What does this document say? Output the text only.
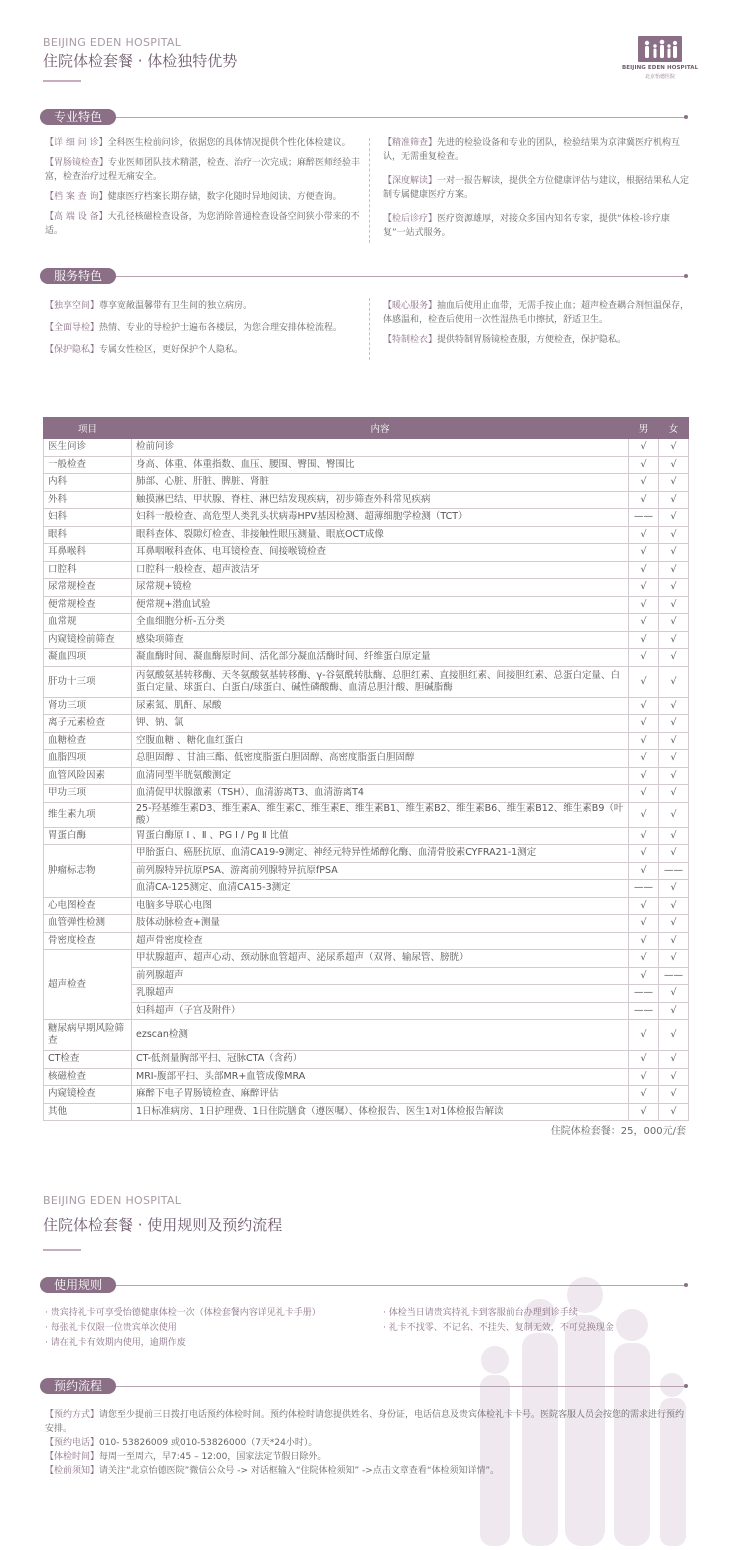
BEIJING EDEN HOSPITAL
住院体检套餐 · 体检独特优势	BEIJING EDEN HOSPITAL
北京怡德医院
专业特色
【详 细 问 诊】全科医生检前问诊，依据您的具体情况提供个性化体检建议。
【胃肠镜检查】专业医师团队技术精湛，检查、治疗一次完成；麻醉医师经验丰富，检查治疗过程无痛安全。
【档 案 查 询】健康医疗档案长期存储，数字化随时异地阅读、方便查询。
【高 端 设 备】大孔径核磁检查设备，为您消除普通检查设备空间狭小带来的不适。
【精准筛查】先进的检验设备和专业的团队，检验结果为京津冀医疗机构互认，无需重复检查。
【深度解读】一对一报告解读，提供全方位健康评估与建议，根据结果私人定制专属健康医疗方案。
【检后诊疗】医疗资源雄厚，对接众多国内知名专家，提供“体检-诊疗康复”一站式服务。
服务特色
【独享空间】尊享宽敞温馨带有卫生间的独立病房。
【全面导检】热情、专业的导检护士遍布各楼层，为您合理安排体检流程。
【保护隐私】专属女性检区，更好保护个人隐私。
【暖心服务】抽血后使用止血带，无需手按止血；超声检查耦合剂恒温保存，体感温和，检查后使用一次性湿热毛巾擦拭，舒适卫生。
【特制检衣】提供特制胃肠镜检查服，方便检查，保护隐私。
项目	内容	男	女
医生问诊	检前问诊	√	√
一般检查	身高、体重、体重指数、血压、腰围、臀围、臀围比	√	√
内科	肺部、心脏、肝脏、脾脏、肾脏	√	√
外科	触摸淋巴结、甲状腺、脊柱、淋巴结发现疾病，初步筛查外科常见疾病	√	√
妇科	妇科一般检查、高危型人类乳头状病毒HPV基因检测、超薄细胞学检测（TCT）	——	√
眼科	眼科查体、裂隙灯检查、非接触性眼压测量、眼底OCT成像	√	√
耳鼻喉科	耳鼻咽喉科查体、电耳镜检查、间接喉镜检查	√	√
口腔科	口腔科一般检查、超声波洁牙	√	√
尿常规检查	尿常规+镜检	√	√
便常规检查	便常规+潜血试验	√	√
血常规	全血细胞分析-五分类	√	√
内窥镜检前筛查	感染项筛查	√	√
凝血四项	凝血酶时间、凝血酶原时间、活化部分凝血活酶时间、纤维蛋白原定量	√	√
肝功十三项	丙氨酸氨基转移酶、天冬氨酸氨基转移酶、γ-谷氨酰转肽酶、总胆红素、直接胆红素、间接胆红素、总蛋白定量、白蛋白定量、球蛋白、白蛋白/球蛋白、碱性磷酸酶、血清总胆汁酸、胆碱脂酶	√	√
肾功三项	尿素氮、肌酐、尿酸	√	√
离子元素检查	钾、钠、氯	√	√
血糖检查	空腹血糖 、糖化血红蛋白	√	√
血脂四项	总胆固醇 、甘油三酯、低密度脂蛋白胆固醇、高密度脂蛋白胆固醇	√	√
血管风险因素	血清同型半胱氨酸测定	√	√
甲功三项	血清促甲状腺激素（TSH）、血清游离T3、血清游离T4	√	√
维生素九项	25-羟基维生素D3、维生素A、维生素C、维生素E、维生素B1、维生素B2、维生素B6、维生素B12、维生素B9（叶酸）	√	√
胃蛋白酶	胃蛋白酶原 Ⅰ 、Ⅱ 、PG Ⅰ / Pg Ⅱ 比值	√	√
肿瘤标志物	甲胎蛋白、癌胚抗原、血清CA19-9测定、神经元特异性烯醇化酶、血清骨胶素CYFRA21-1测定	√	√
	前列腺特异抗原PSA、游离前列腺特异抗原fPSA	√	——
	血清CA-125测定、血清CA15-3测定	——	√
心电图检查	电脑多导联心电图	√	√
血管弹性检测	肢体动脉检查+测量	√	√
骨密度检查	超声骨密度检查	√	√
超声检查	甲状腺超声、超声心动、颈动脉血管超声、泌尿系超声（双肾、输尿管、膀胱）	√	√
	前列腺超声	√	——
	乳腺超声	——	√
	妇科超声（子宫及附件）	——	√
糖尿病早期风险筛查	ezscan检测	√	√
CT检查	CT-低剂量胸部平扫、冠脉CTA（含药）	√	√
核磁检查	MRI-腹部平扫、头部MR+血管成像MRA	√	√
内窥镜检查	麻醉下电子胃肠镜检查、麻醉评估	√	√
其他	1日标准病房、1日护理费、1日住院膳食（遵医嘱）、体检报告、医生1对1体检报告解读	√	√
住院体检套餐：25，000元/套
BEIJING EDEN HOSPITAL
住院体检套餐 · 使用规则及预约流程
使用规则
· 贵宾持礼卡可享受怡德健康体检一次（体检套餐内容详见礼卡手册）
· 每张礼卡仅限一位贵宾单次使用
· 请在礼卡有效期内使用，逾期作废
· 体检当日请贵宾持礼卡到客服前台办理到诊手续
· 礼卡不找零、不记名、不挂失、复制无效，不可兑换现金
预约流程
【预约方式】请您至少提前三日拨打电话预约体检时间。预约体检时请您提供姓名、身份证，电话信息及贵宾体检礼卡卡号。医院客服人员会按您的需求进行预约安排。
【预约电话】010- 53826009 或010-53826000（7天*24小时）。
【体检时间】每周一至周六，早7:45 – 12:00，国家法定节假日除外。
【检前须知】请关注“北京怡德医院”微信公众号 -> 对话框输入“住院体检须知” ->点击文章查看“体检须知详情”。
